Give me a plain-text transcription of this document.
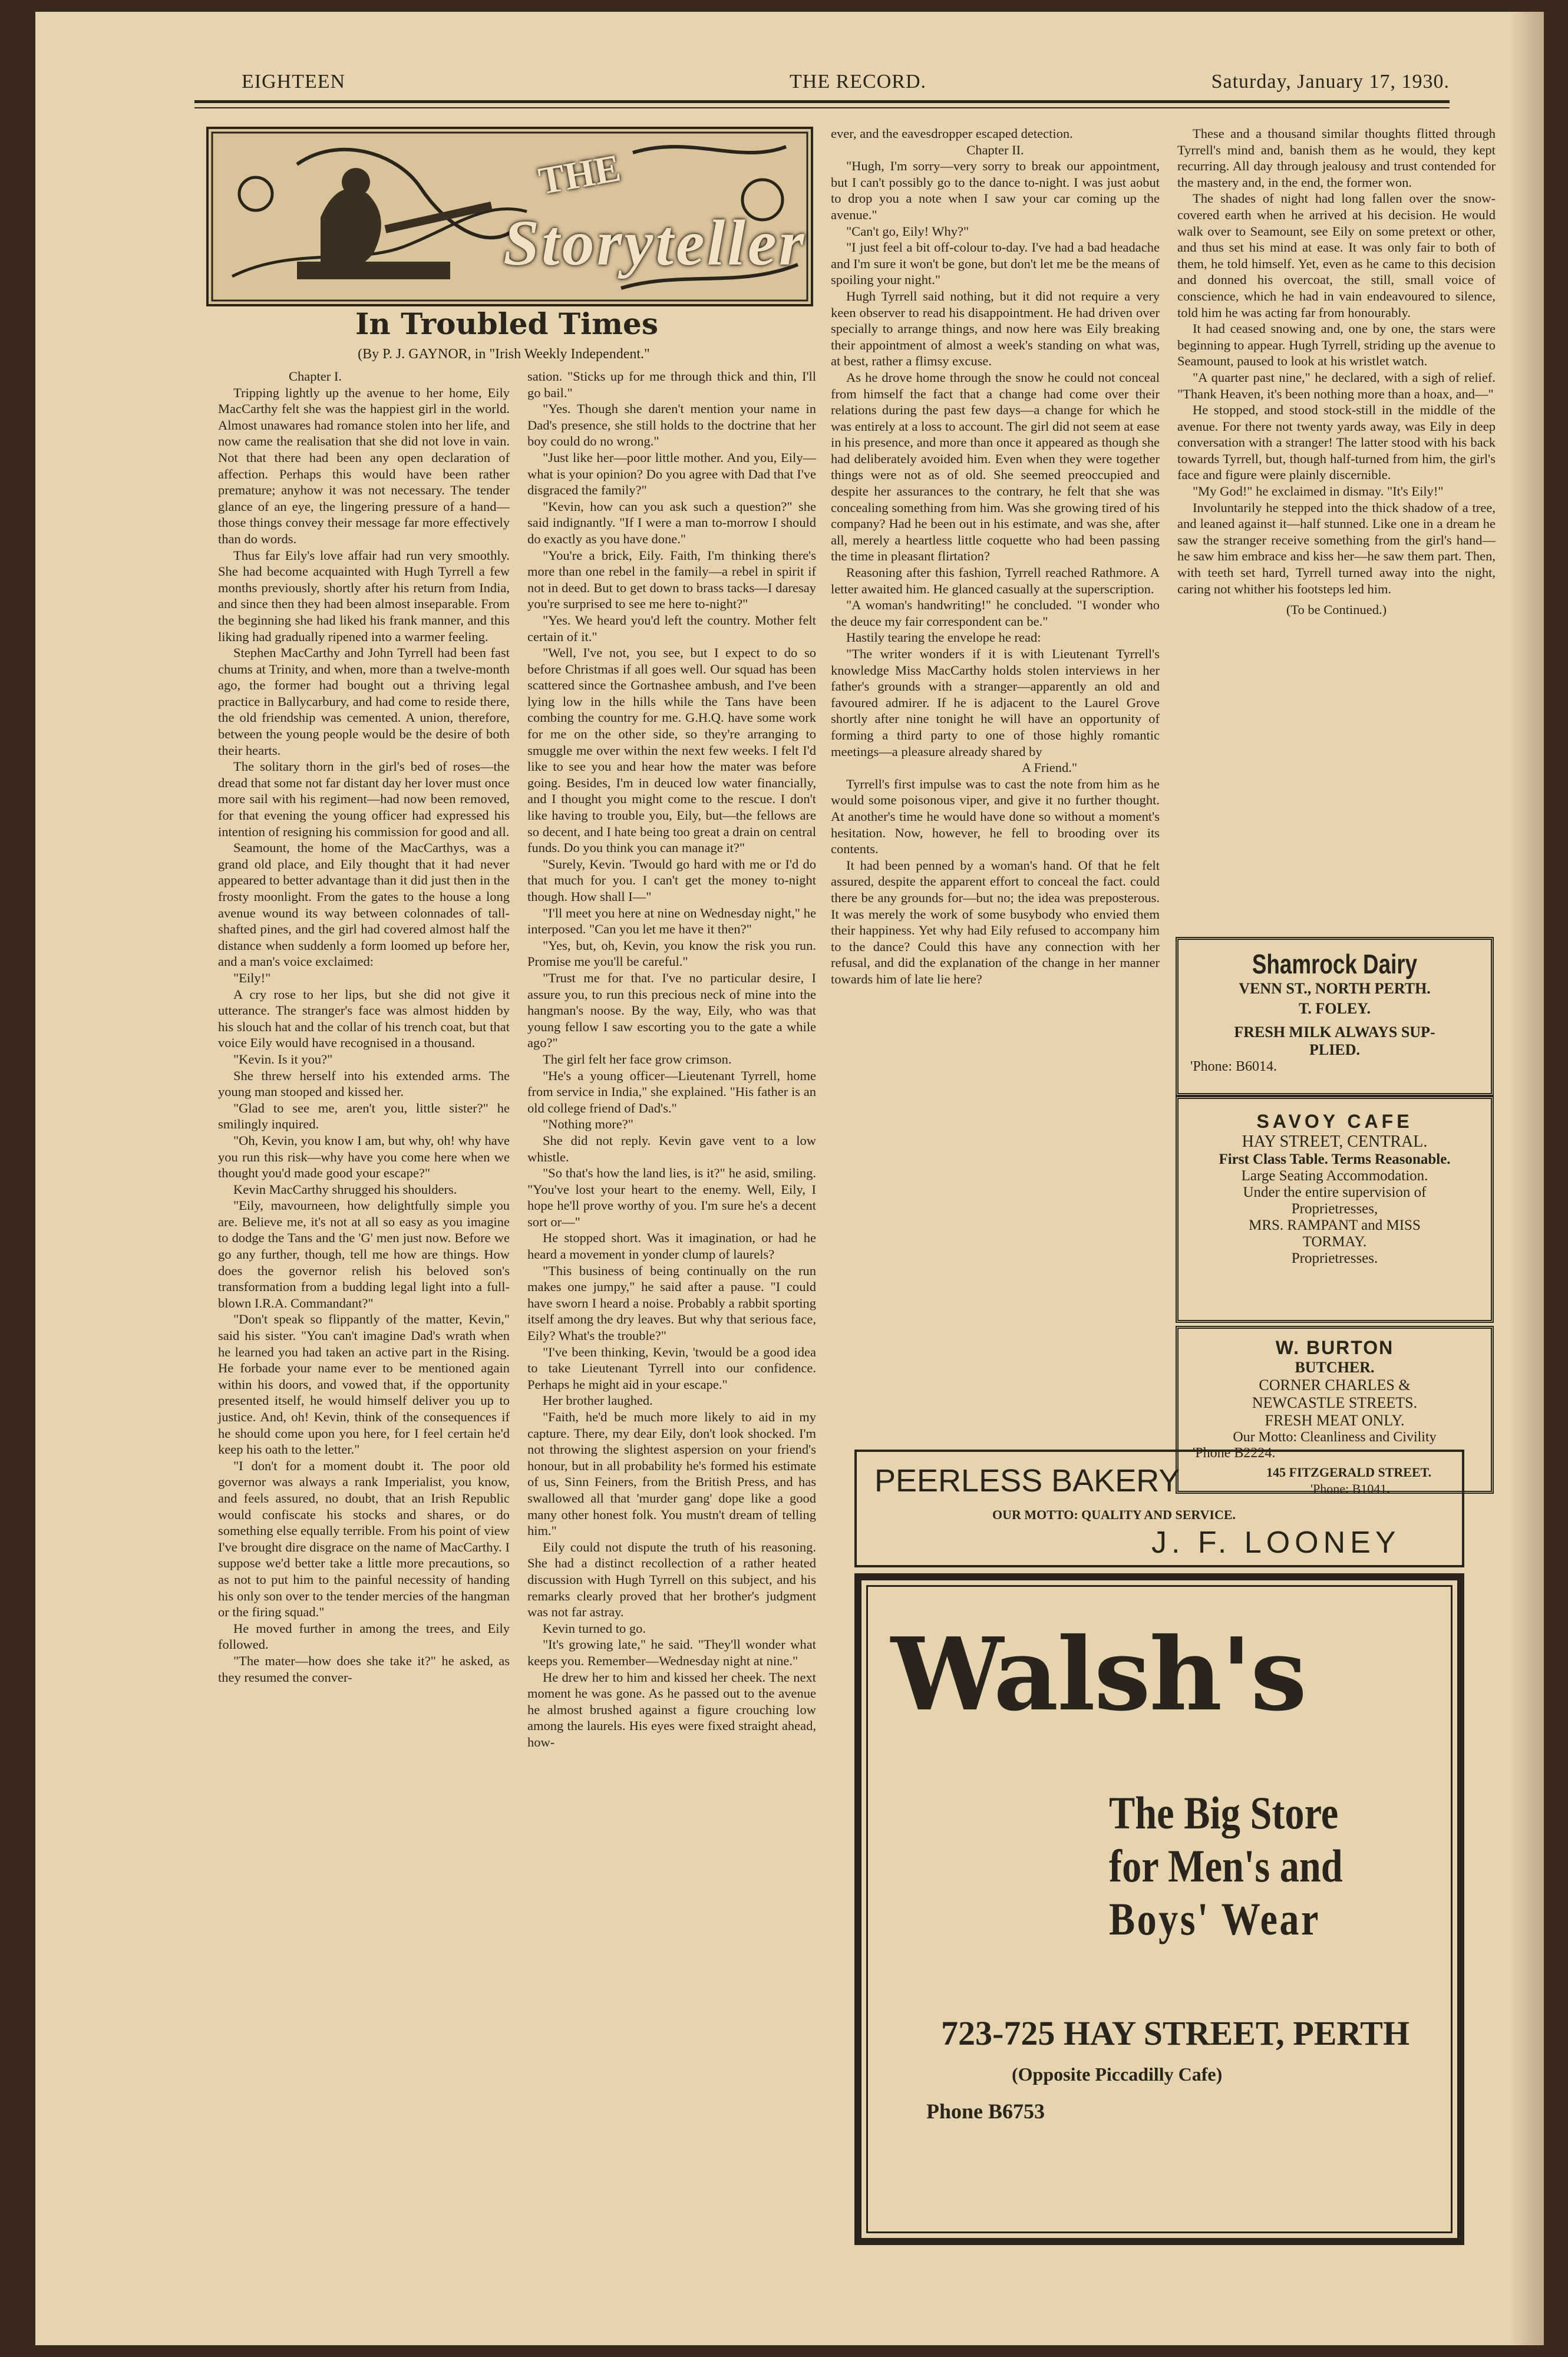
EIGHTEEN	THE RECORD.	Saturday, January 17, 1930.
THE
Storyteller
In Troubled Times
(By P. J. GAYNOR, in "Irish Weekly Independent."

Chapter I.

Tripping lightly up the avenue to her home, Eily MacCarthy felt she was the happiest girl in the world. Almost unawares had romance stolen into her life, and now came the realisation that she did not love in vain. Not that there had been any open declaration of affection. Perhaps this would have been rather premature; anyhow it was not necessary. The tender glance of an eye, the lingering pressure of a hand—those things convey their message far more effectively than do words.

Thus far Eily's love affair had run very smoothly. She had become acquainted with Hugh Tyrrell a few months previously, shortly after his return from India, and since then they had been almost inseparable. From the beginning she had liked his frank manner, and this liking had gradually ripened into a warmer feeling.

Stephen MacCarthy and John Tyrrell had been fast chums at Trinity, and when, more than a twelve-month ago, the former had bought out a thriving legal practice in Ballycarbury, and had come to reside there, the old friendship was cemented. A union, therefore, between the young people would be the desire of both their hearts.

The solitary thorn in the girl's bed of roses—the dread that some not far distant day her lover must once more sail with his regiment—had now been removed, for that evening the young officer had expressed his intention of resigning his commission for good and all.

Seamount, the home of the MacCarthys, was a grand old place, and Eily thought that it had never appeared to better advantage than it did just then in the frosty moonlight. From the gates to the house a long avenue wound its way between colonnades of tall-shafted pines, and the girl had covered almost half the distance when suddenly a form loomed up before her, and a man's voice exclaimed:

"Eily!"

A cry rose to her lips, but she did not give it utterance. The stranger's face was almost hidden by his slouch hat and the collar of his trench coat, but that voice Eily would have recognised in a thousand.

"Kevin. Is it you?"

She threw herself into his extended arms. The young man stooped and kissed her.

"Glad to see me, aren't you, little sister?" he smilingly inquired.

"Oh, Kevin, you know I am, but why, oh! why have you run this risk—why have you come here when we thought you'd made good your escape?"

Kevin MacCarthy shrugged his shoulders.

"Eily, mavourneen, how delightfully simple you are. Believe me, it's not at all so easy as you imagine to dodge the Tans and the 'G' men just now. Before we go any further, though, tell me how are things. How does the governor relish his beloved son's transformation from a budding legal light into a full-blown I.R.A. Commandant?"

"Don't speak so flippantly of the matter, Kevin," said his sister. "You can't imagine Dad's wrath when he learned you had taken an active part in the Rising. He forbade your name ever to be mentioned again within his doors, and vowed that, if the opportunity presented itself, he would himself deliver you up to justice. And, oh! Kevin, think of the consequences if he should come upon you here, for I feel certain he'd keep his oath to the letter."

"I don't for a moment doubt it. The poor old governor was always a rank Imperialist, you know, and feels assured, no doubt, that an Irish Republic would confiscate his stocks and shares, or do something else equally terrible. From his point of view I've brought dire disgrace on the name of MacCarthy. I suppose we'd better take a little more precautions, so as not to put him to the painful necessity of handing his only son over to the tender mercies of the hangman or the firing squad."

He moved further in among the trees, and Eily followed.

"The mater—how does she take it?" he asked, as they resumed the conver-

sation. "Sticks up for me through thick and thin, I'll go bail."

"Yes. Though she daren't mention your name in Dad's presence, she still holds to the doctrine that her boy could do no wrong."

"Just like her—poor little mother. And you, Eily—what is your opinion? Do you agree with Dad that I've disgraced the family?"

"Kevin, how can you ask such a question?" she said indignantly. "If I were a man to-morrow I should do exactly as you have done."

"You're a brick, Eily. Faith, I'm thinking there's more than one rebel in the family—a rebel in spirit if not in deed. But to get down to brass tacks—I daresay you're surprised to see me here to-night?"

"Yes. We heard you'd left the country. Mother felt certain of it."

"Well, I've not, you see, but I expect to do so before Christmas if all goes well. Our squad has been scattered since the Gortnashee ambush, and I've been lying low in the hills while the Tans have been combing the country for me. G.H.Q. have some work for me on the other side, so they're arranging to smuggle me over within the next few weeks. I felt I'd like to see you and hear how the mater was before going. Besides, I'm in deuced low water financially, and I thought you might come to the rescue. I don't like having to trouble you, Eily, but—the fellows are so decent, and I hate being too great a drain on central funds. Do you think you can manage it?"

"Surely, Kevin. 'Twould go hard with me or I'd do that much for you. I can't get the money to-night though. How shall I—"

"I'll meet you here at nine on Wednesday night," he interposed. "Can you let me have it then?"

"Yes, but, oh, Kevin, you know the risk you run. Promise me you'll be careful."

"Trust me for that. I've no particular desire, I assure you, to run this precious neck of mine into the hangman's noose. By the way, Eily, who was that young fellow I saw escorting you to the gate a while ago?"

The girl felt her face grow crimson.

"He's a young officer—Lieutenant Tyrrell, home from service in India," she explained. "His father is an old college friend of Dad's."

"Nothing more?"

She did not reply. Kevin gave vent to a low whistle.

"So that's how the land lies, is it?" he asid, smiling. "You've lost your heart to the enemy. Well, Eily, I hope he'll prove worthy of you. I'm sure he's a decent sort or—"

He stopped short. Was it imagination, or had he heard a movement in yonder clump of laurels?

"This business of being continually on the run makes one jumpy," he said after a pause. "I could have sworn I heard a noise. Probably a rabbit sporting itself among the dry leaves. But why that serious face, Eily? What's the trouble?"

"I've been thinking, Kevin, 'twould be a good idea to take Lieutenant Tyrrell into our confidence. Perhaps he might aid in your escape."

Her brother laughed.

"Faith, he'd be much more likely to aid in my capture. There, my dear Eily, don't look shocked. I'm not throwing the slightest aspersion on your friend's honour, but in all probability he's formed his estimate of us, Sinn Feiners, from the British Press, and has swallowed all that 'murder gang' dope like a good many other honest folk. You mustn't dream of telling him."

Eily could not dispute the truth of his reasoning. She had a distinct recollection of a rather heated discussion with Hugh Tyrrell on this subject, and his remarks clearly proved that her brother's judgment was not far astray.

Kevin turned to go.

"It's growing late," he said. "They'll wonder what keeps you. Remember—Wednesday night at nine."

He drew her to him and kissed her cheek. The next moment he was gone. As he passed out to the avenue he almost brushed against a figure crouching low among the laurels. His eyes were fixed straight ahead, how-

ever, and the eavesdropper escaped detection.

Chapter II.

"Hugh, I'm sorry—very sorry to break our appointment, but I can't possibly go to the dance to-night. I was just aobut to drop you a note when I saw your car coming up the avenue."

"Can't go, Eily! Why?"

"I just feel a bit off-colour to-day. I've had a bad headache and I'm sure it won't be gone, but don't let me be the means of spoiling your night."

Hugh Tyrrell said nothing, but it did not require a very keen observer to read his disappointment. He had driven over specially to arrange things, and now here was Eily breaking their appointment of almost a week's standing on what was, at best, rather a flimsy excuse.

As he drove home through the snow he could not conceal from himself the fact that a change had come over their relations during the past few days—a change for which he was entirely at a loss to account. The girl did not seem at ease in his presence, and more than once it appeared as though she had deliberately avoided him. Even when they were together things were not as of old. She seemed preoccupied and despite her assurances to the contrary, he felt that she was concealing something from him. Was she growing tired of his company? Had he been out in his estimate, and was she, after all, merely a heartless little coquette who had been passing the time in pleasant flirtation?

Reasoning after this fashion, Tyrrell reached Rathmore. A letter awaited him. He glanced casually at the superscription.

"A woman's handwriting!" he concluded. "I wonder who the deuce my fair correspondent can be."

Hastily tearing the envelope he read:

"The writer wonders if it is with Lieutenant Tyrrell's knowledge Miss MacCarthy holds stolen interviews in her father's grounds with a stranger—apparently an old and favoured admirer. If he is adjacent to the Laurel Grove shortly after nine tonight he will have an opportunity of forming a third party to one of those highly romantic meetings—a pleasure already shared by

A Friend."

Tyrrell's first impulse was to cast the note from him as he would some poisonous viper, and give it no further thought. At another's time he would have done so without a moment's hesitation. Now, however, he fell to brooding over its contents.

It had been penned by a woman's hand. Of that he felt assured, despite the apparent effort to conceal the fact. could there be any grounds for—but no; the idea was preposterous. It was merely the work of some busybody who envied them their happiness. Yet why had Eily refused to accompany him to the dance? Could this have any connection with her refusal, and did the explanation of the change in her manner towards him of late lie here?

These and a thousand similar thoughts flitted through Tyrrell's mind and, banish them as he would, they kept recurring. All day through jealousy and trust contended for the mastery and, in the end, the former won.

The shades of night had long fallen over the snow-covered earth when he arrived at his decision. He would walk over to Seamount, see Eily on some pretext or other, and thus set his mind at ease. It was only fair to both of them, he told himself. Yet, even as he came to this decision and donned his overcoat, the still, small voice of conscience, which he had in vain endeavoured to silence, told him he was acting far from honourably.

It had ceased snowing and, one by one, the stars were beginning to appear. Hugh Tyrrell, striding up the avenue to Seamount, paused to look at his wristlet watch.

"A quarter past nine," he declared, with a sigh of relief. "Thank Heaven, it's been nothing more than a hoax, and—"

He stopped, and stood stock-still in the middle of the avenue. For there not twenty yards away, was Eily in deep conversation with a stranger! The latter stood with his back towards Tyrrell, but, though half-turned from him, the girl's face and figure were plainly discernible.

"My God!" he exclaimed in dismay. "It's Eily!"

Involuntarily he stepped into the thick shadow of a tree, and leaned against it—half stunned. Like one in a dream he saw the stranger receive something from the girl's hand—he saw him embrace and kiss her—he saw them part. Then, with teeth set hard, Tyrrell turned away into the night, caring not whither his footsteps led him.

(To be Continued.)

Shamrock Dairy
VENN ST., NORTH PERTH.
T. FOLEY.
FRESH MILK ALWAYS SUP-
PLIED.
'Phone: B6014.
SAVOY CAFE
HAY STREET, CENTRAL.
First Class Table. Terms Reasonable.
Large Seating Accommodation.
Under the entire supervision of
Proprietresses,
MRS. RAMPANT and MISS
TORMAY.
Proprietresses.
W. BURTON
BUTCHER.
CORNER CHARLES &
NEWCASTLE STREETS.
FRESH MEAT ONLY.
Our Motto: Cleanliness and Civility
'Phone B2224.
PEERLESS BAKERY	145 FITZGERALD STREET.
'Phone: B1041.
OUR MOTTO: QUALITY AND SERVICE.
J. F. LOONEY
Walsh's
The Big Store
for Men's and
Boys' Wear
723-725 HAY STREET, PERTH
(Opposite Piccadilly Cafe)
Phone B6753
